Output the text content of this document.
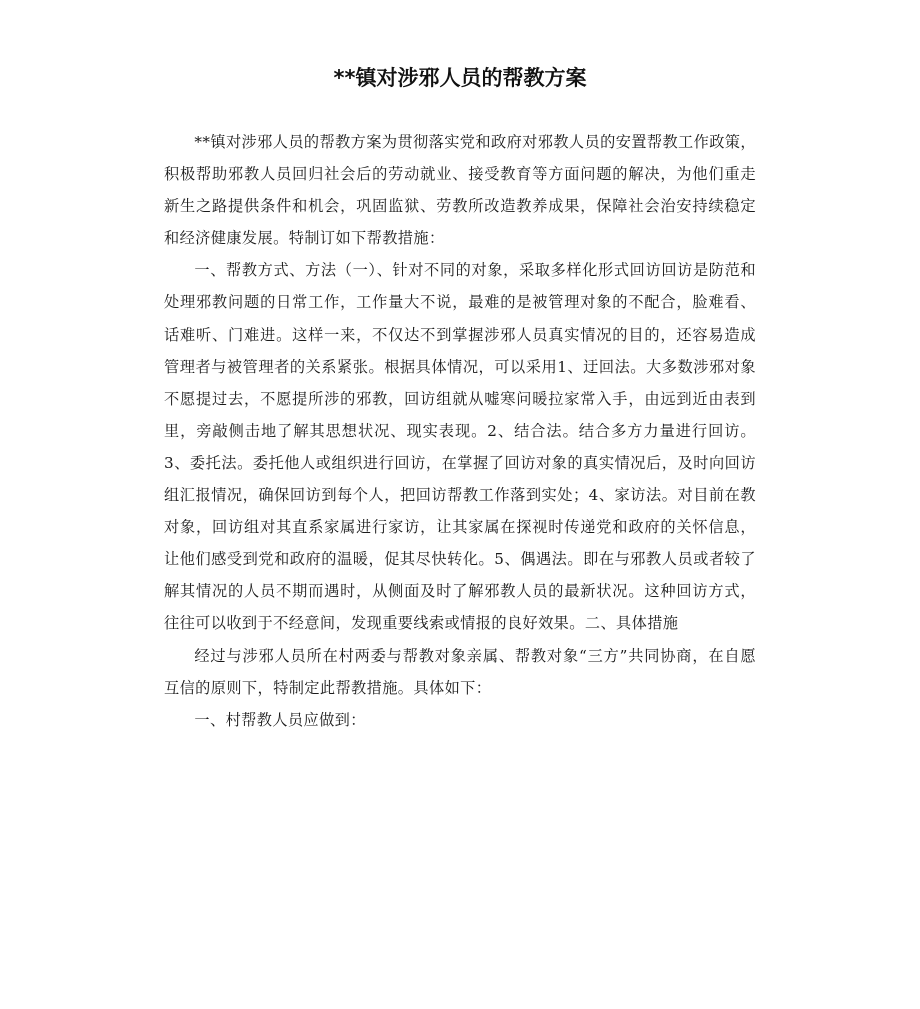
**镇对涉邪人员的帮教方案

**镇对涉邪人员的帮教方案为贯彻落实党和政府对邪教人员的安置帮教工作政策，积极帮助邪教人员回归社会后的劳动就业、接受教育等方面问题的解决，为他们重走新生之路提供条件和机会，巩固监狱、劳教所改造教养成果，保障社会治安持续稳定和经济健康发展。特制订如下帮教措施：

一、帮教方式、方法（一）、针对不同的对象，采取多样化形式回访回访是防范和处理邪教问题的日常工作，工作量大不说，最难的是被管理对象的不配合，脸难看、话难听、门难进。这样一来，不仅达不到掌握涉邪人员真实情况的目的，还容易造成管理者与被管理者的关系紧张。根据具体情况，可以采用1、迂回法。大多数涉邪对象不愿提过去，不愿提所涉的邪教，回访组就从嘘寒问暖拉家常入手，由远到近由表到里，旁敲侧击地了解其思想状况、现实表现。2、结合法。结合多方力量进行回访。3、委托法。委托他人或组织进行回访，在掌握了回访对象的真实情况后，及时向回访组汇报情况，确保回访到每个人，把回访帮教工作落到实处；4、家访法。对目前在教对象，回访组对其直系家属进行家访，让其家属在探视时传递党和政府的关怀信息，让他们感受到党和政府的温暖，促其尽快转化。5、偶遇法。即在与邪教人员或者较了解其情况的人员不期而遇时，从侧面及时了解邪教人员的最新状况。这种回访方式，往往可以收到于不经意间，发现重要线索或情报的良好效果。二、具体措施

经过与涉邪人员所在村两委与帮教对象亲属、帮教对象“三方”共同协商，在自愿互信的原则下，特制定此帮教措施。具体如下：

一、村帮教人员应做到：
